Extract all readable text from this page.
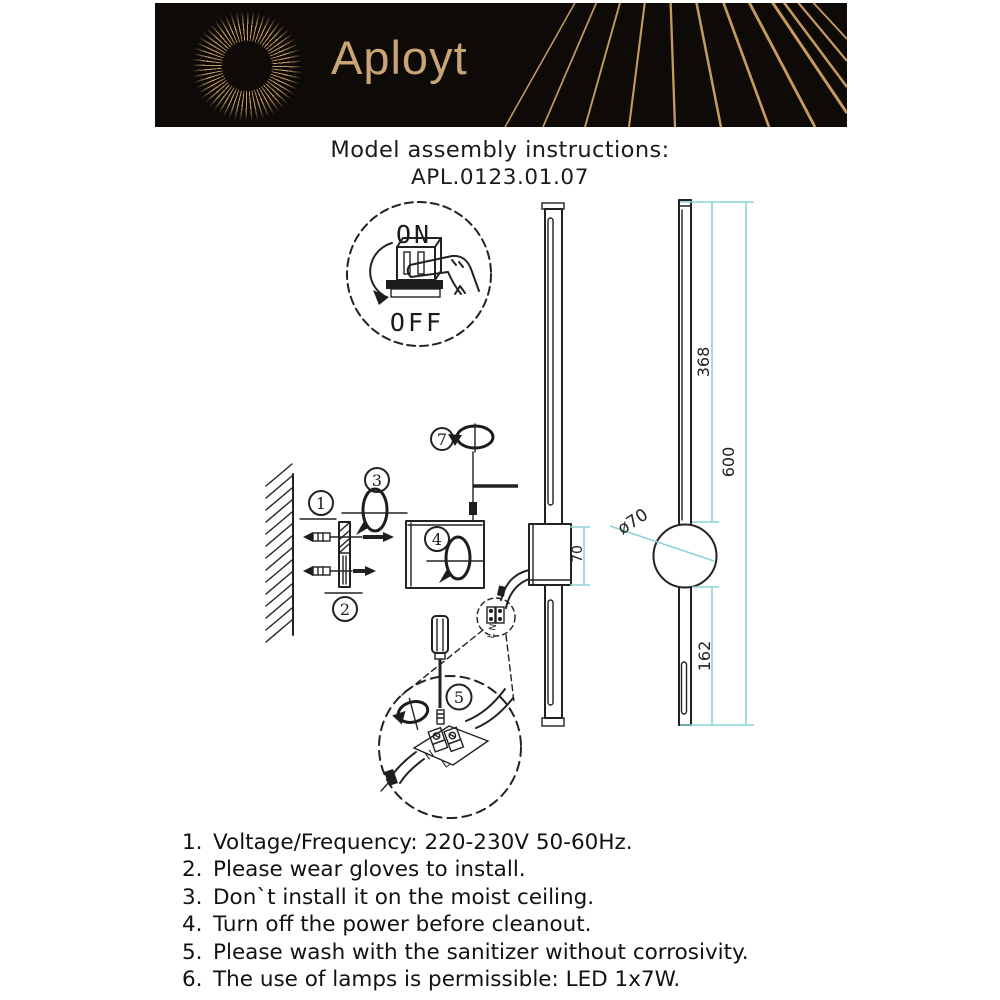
Aployt
Model assembly instructions:
APL.0123.01.07
ON
OFF
1
2
3
4
5
7
70
L N
N
L
368
162
600
ø70
1. Voltage/Frequency: 220-230V 50-60Hz.
2. Please wear gloves to install.
3. Don`t install it on the moist ceiling.
4. Turn off the power before cleanout.
5. Please wash with the sanitizer without corrosivity.
6. The use of lamps is permissible: LED 1x7W.
